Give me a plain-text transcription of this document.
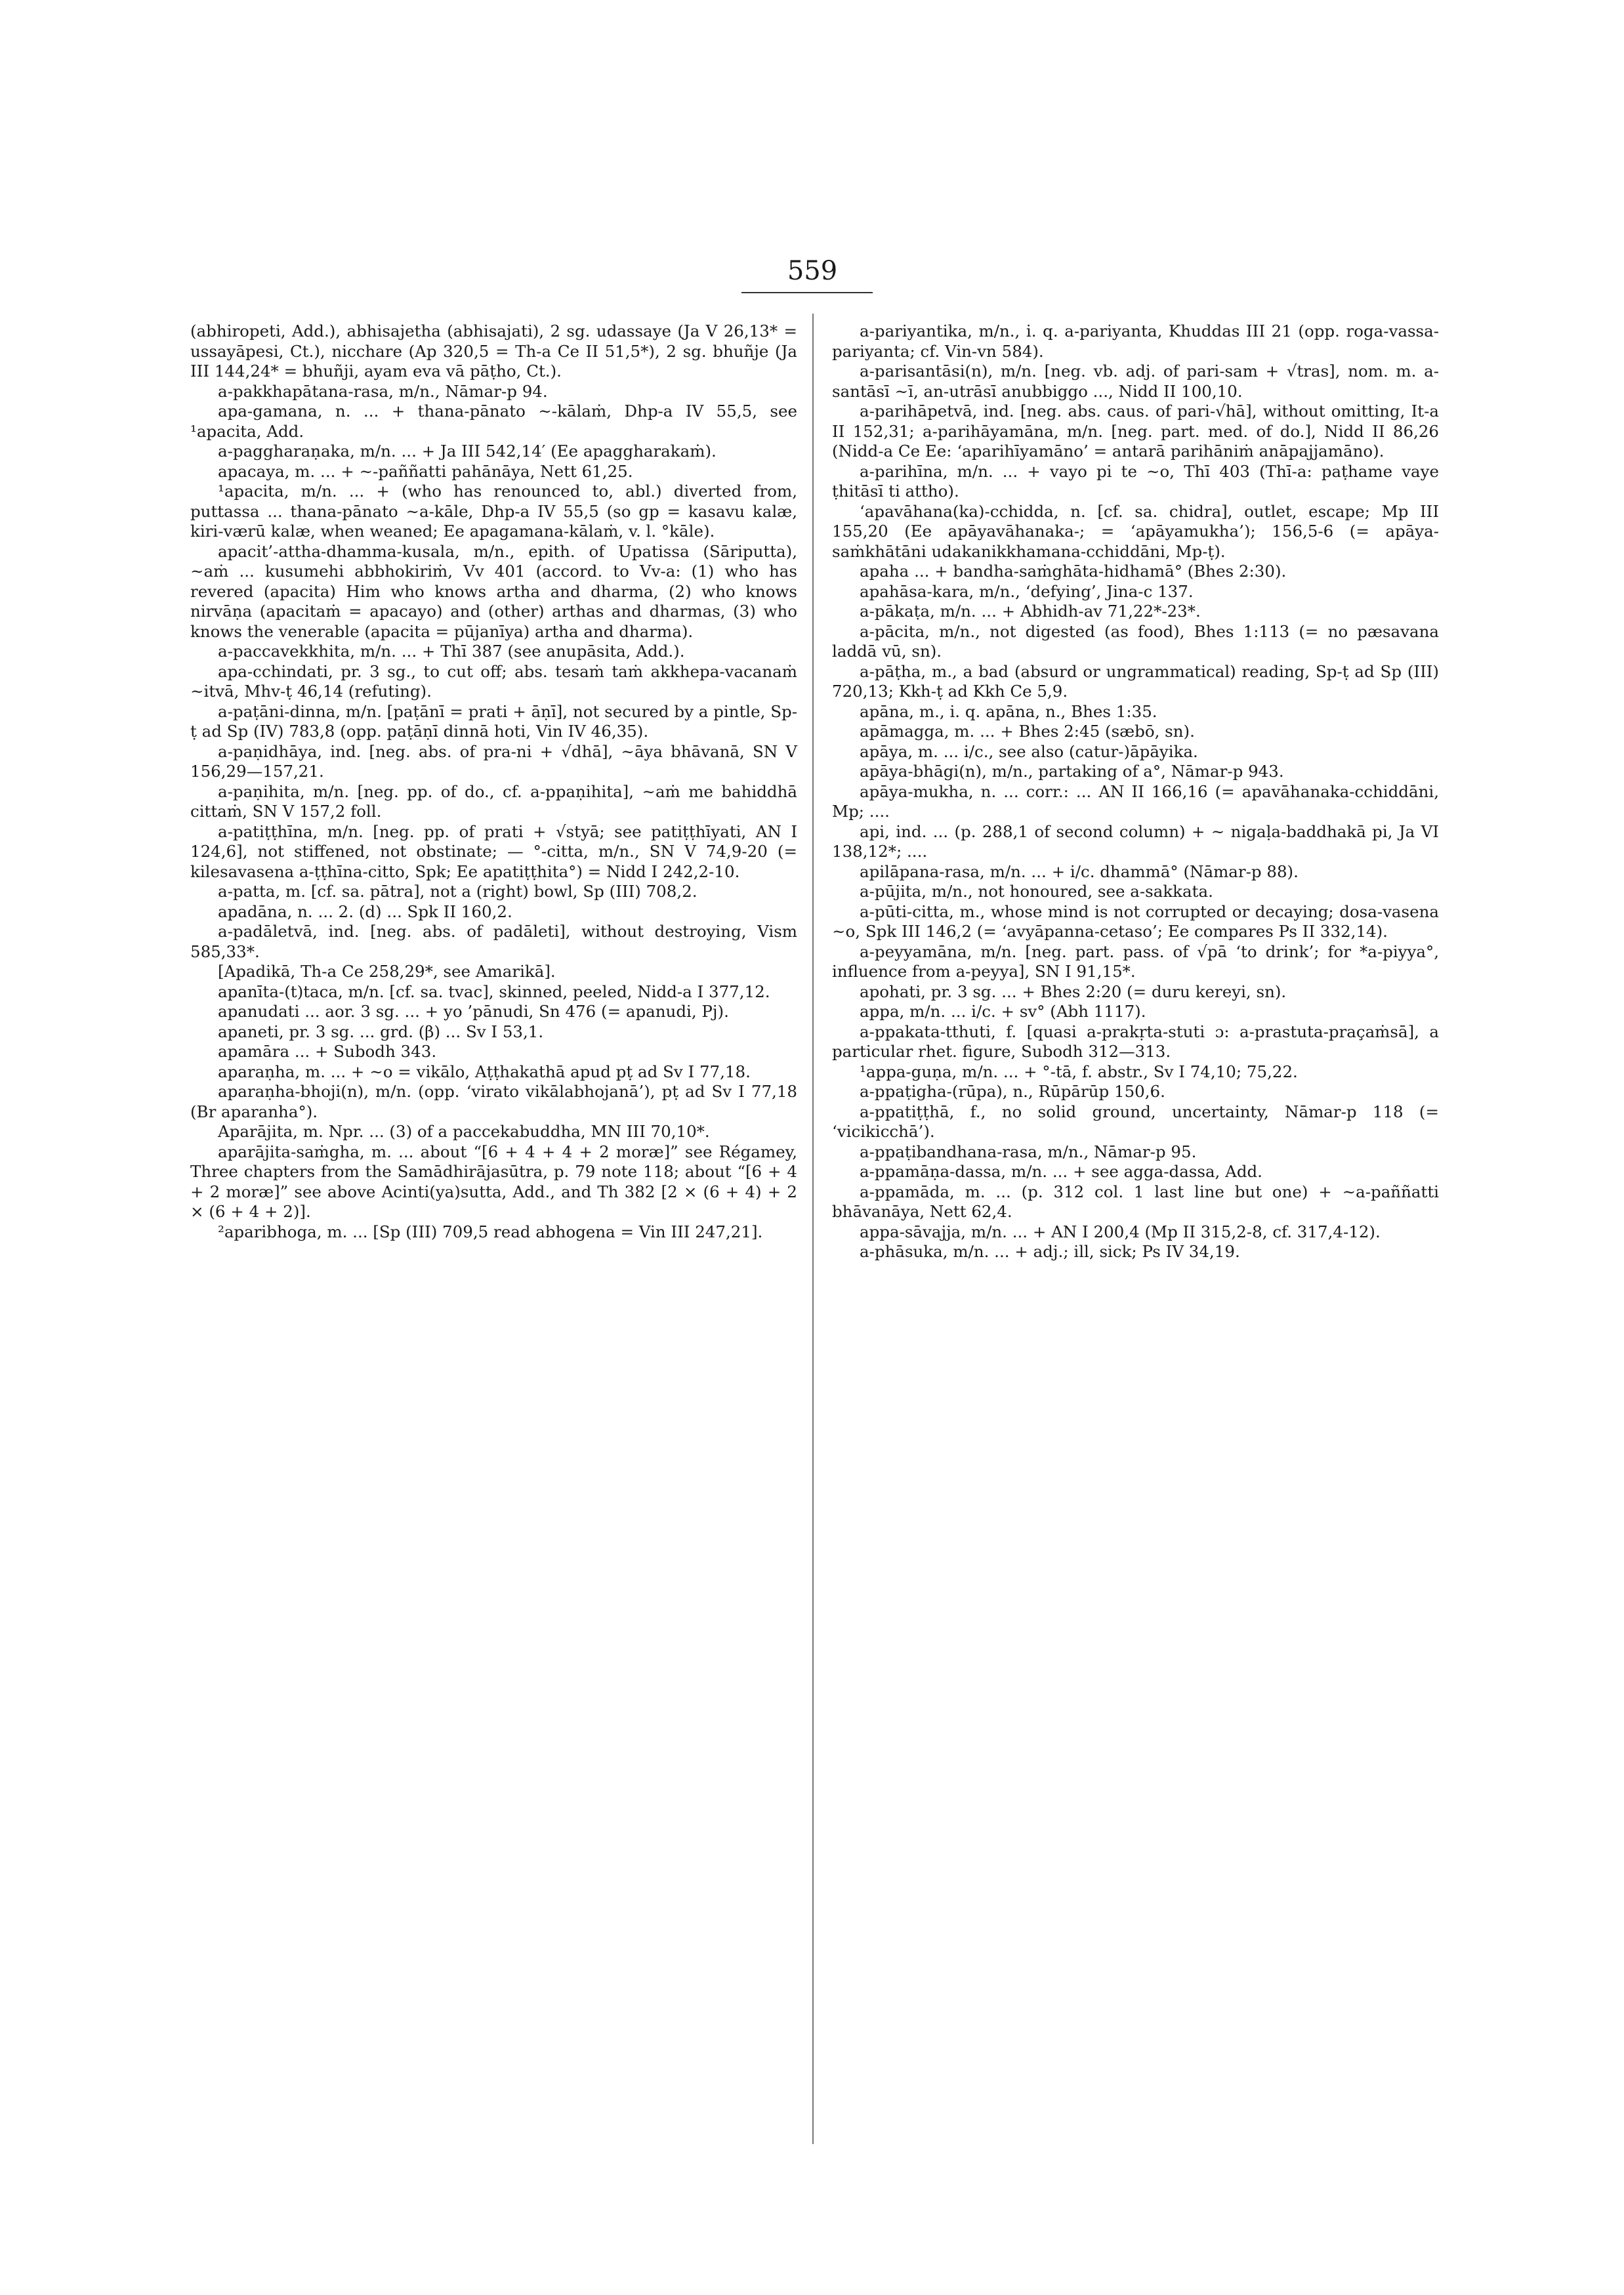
559

(abhiropeti, Add.), abhisajetha (abhisajati), 2 sg. udassaye (Ja V 26,13* = ussayāpesi, Ct.), nicchare (Ap 320,5 = Th-a Ce II 51,5*), 2 sg. bhuñje (Ja III 144,24* = bhuñji, ayam eva vā pāṭho, Ct.).

a-pakkhapātana-rasa, m/n., Nāmar-p 94.

apa-gamana, n. ... + thana-pānato ~-kālaṁ, Dhp-a IV 55,5, see ¹apacita, Add.

a-paggharaṇaka, m/n. ... + Ja III 542,14′ (Ee apaggharakaṁ).

apacaya, m. ... + ~-paññatti pahānāya, Nett 61,25.

¹apacita, m/n. ... + (who has renounced to, abl.) diverted from, puttassa ... thana-pānato ~a-kāle, Dhp-a IV 55,5 (so gp = kasavu kalæ, kiri-værū kalæ, when weaned; Ee apagamana-kālaṁ, v. l. °kāle).

apacit’-attha-dhamma-kusala, m/n., epith. of Upatissa (Sāriputta), ~aṁ ... kusumehi abbhokiriṁ, Vv 401 (accord. to Vv-a: (1) who has revered (apacita) Him who knows artha and dharma, (2) who knows nirvāṇa (apacitaṁ = apacayo) and (other) arthas and dharmas, (3) who knows the venerable (apacita = pūjanīya) artha and dharma).

a-paccavekkhita, m/n. ... + Thī 387 (see anupāsita, Add.).

apa-cchindati, pr. 3 sg., to cut off; abs. tesaṁ taṁ akkhepa-vacanaṁ ~itvā, Mhv-ṭ 46,14 (refuting).

a-paṭāni-dinna, m/n. [paṭānī = prati + āṇī], not secured by a pintle, Sp-ṭ ad Sp (IV) 783,8 (opp. paṭāṇī dinnā hoti, Vin IV 46,35).

a-paṇidhāya, ind. [neg. abs. of pra-ni + √dhā], ~āya bhāvanā, SN V 156,29—157,21.

a-paṇihita, m/n. [neg. pp. of do., cf. a-ppaṇihita], ~aṁ me bahiddhā cittaṁ, SN V 157,2 foll.

a-patiṭṭhīna, m/n. [neg. pp. of prati + √styā; see patiṭṭhīyati, AN I 124,6], not stiffened, not obstinate; — °-citta, m/n., SN V 74,9-20 (= kilesavasena a-ṭṭhīna-citto, Spk; Ee apatiṭṭhita°) = Nidd I 242,2-10.

a-patta, m. [cf. sa. pātra], not a (right) bowl, Sp (III) 708,2.

apadāna, n. ... 2. (d) ... Spk II 160,2.

a-padāletvā, ind. [neg. abs. of padāleti], without destroying, Vism 585,33*.

[Apadikā, Th-a Ce 258,29*, see Amarikā].

apanīta-(t)taca, m/n. [cf. sa. tvac], skinned, peeled, Nidd-a I 377,12.

apanudati ... aor. 3 sg. ... + yo ’pānudi, Sn 476 (= apanudi, Pj).

apaneti, pr. 3 sg. ... grd. (β) ... Sv I 53,1.

apamāra ... + Subodh 343.

aparaṇha, m. ... + ~o = vikālo, Aṭṭhakathā apud pṭ ad Sv I 77,18.

aparaṇha-bhoji(n), m/n. (opp. ‘virato vikālabhojanā’), pṭ ad Sv I 77,18 (Br aparanha°).

Aparājita, m. Npr. ... (3) of a paccekabuddha, MN III 70,10*.

aparājita-saṁgha, m. ... about “[6 + 4 + 4 + 2 moræ]” see Régamey, Three chapters from the Samādhirājasūtra, p. 79 note 118; about “[6 + 4 + 2 moræ]” see above Acinti(ya)sutta, Add., and Th 382 [2 × (6 + 4) + 2 × (6 + 4 + 2)].

²aparibhoga, m. ... [Sp (III) 709,5 read abhogena = Vin III 247,21].

a-pariyantika, m/n., i. q. a-pariyanta, Khuddas III 21 (opp. roga-vassa-pariyanta; cf. Vin-vn 584).

a-parisantāsi(n), m/n. [neg. vb. adj. of pari-sam + √tras], nom. m. a-santāsī ~ī, an-utrāsī anubbiggo ..., Nidd II 100,10.

a-parihāpetvā, ind. [neg. abs. caus. of pari-√hā], without omitting, It-a II 152,31; a-parihāyamāna, m/n. [neg. part. med. of do.], Nidd II 86,26 (Nidd-a Ce Ee: ‘aparihīyamāno’ = antarā parihāniṁ anāpajjamāno).

a-parihīna, m/n. ... + vayo pi te ~o, Thī 403 (Thī-a: paṭhame vaye ṭhitāsī ti attho).

‘apavāhana(ka)-cchidda, n. [cf. sa. chidra], outlet, escape; Mp III 155,20 (Ee apāyavāhanaka-; = ‘apāyamukha’); 156,5-6 (= apāya-saṁkhātāni udakanikkhamana-cchiddāni, Mp-ṭ).

apaha ... + bandha-saṁghāta-hidhamā° (Bhes 2:30).

apahāsa-kara, m/n., ‘defying’, Jina-c 137.

a-pākaṭa, m/n. ... + Abhidh-av 71,22*-23*.

a-pācita, m/n., not digested (as food), Bhes 1:113 (= no pæsavana laddā vū, sn).

a-pāṭha, m., a bad (absurd or ungrammatical) reading, Sp-ṭ ad Sp (III) 720,13; Kkh-ṭ ad Kkh Ce 5,9.

apāna, m., i. q. apāna, n., Bhes 1:35.

apāmagga, m. ... + Bhes 2:45 (sæbō, sn).

apāya, m. ... i/c., see also (catur-)āpāyika.

apāya-bhāgi(n), m/n., partaking of a°, Nāmar-p 943.

apāya-mukha, n. ... corr.: ... AN II 166,16 (= apavāhanaka-cchiddāni, Mp; ....

api, ind. ... (p. 288,1 of second column) + ~ nigaḷa-baddhakā pi, Ja VI 138,12*; ....

apilāpana-rasa, m/n. ... + i/c. dhammā° (Nāmar-p 88).

a-pūjita, m/n., not honoured, see a-sakkata.

a-pūti-citta, m., whose mind is not corrupted or decaying; dosa-vasena ~o, Spk III 146,2 (= ‘avyāpanna-cetaso’; Ee compares Ps II 332,14).

a-peyyamāna, m/n. [neg. part. pass. of √pā ‘to drink’; for *a-piyya°, influence from a-peyya], SN I 91,15*.

apohati, pr. 3 sg. ... + Bhes 2:20 (= duru kereyi, sn).

appa, m/n. ... i/c. + sv° (Abh 1117).

a-ppakata-tthuti, f. [quasi a-prakṛta-stuti ɔ: a-prastuta-praçaṁsā], a particular rhet. figure, Subodh 312—313.

¹appa-guṇa, m/n. ... + °-tā, f. abstr., Sv I 74,10; 75,22.

a-ppaṭigha-(rūpa), n., Rūpārūp 150,6.

a-ppatiṭṭhā, f., no solid ground, uncertainty, Nāmar-p 118 (= ‘vicikicchā’).

a-ppaṭibandhana-rasa, m/n., Nāmar-p 95.

a-ppamāṇa-dassa, m/n. ... + see agga-dassa, Add.

a-ppamāda, m. ... (p. 312 col. 1 last line but one) + ~a-paññatti bhāvanāya, Nett 62,4.

appa-sāvajja, m/n. ... + AN I 200,4 (Mp II 315,2-8, cf. 317,4-12).

a-phāsuka, m/n. ... + adj.; ill, sick; Ps IV 34,19.
